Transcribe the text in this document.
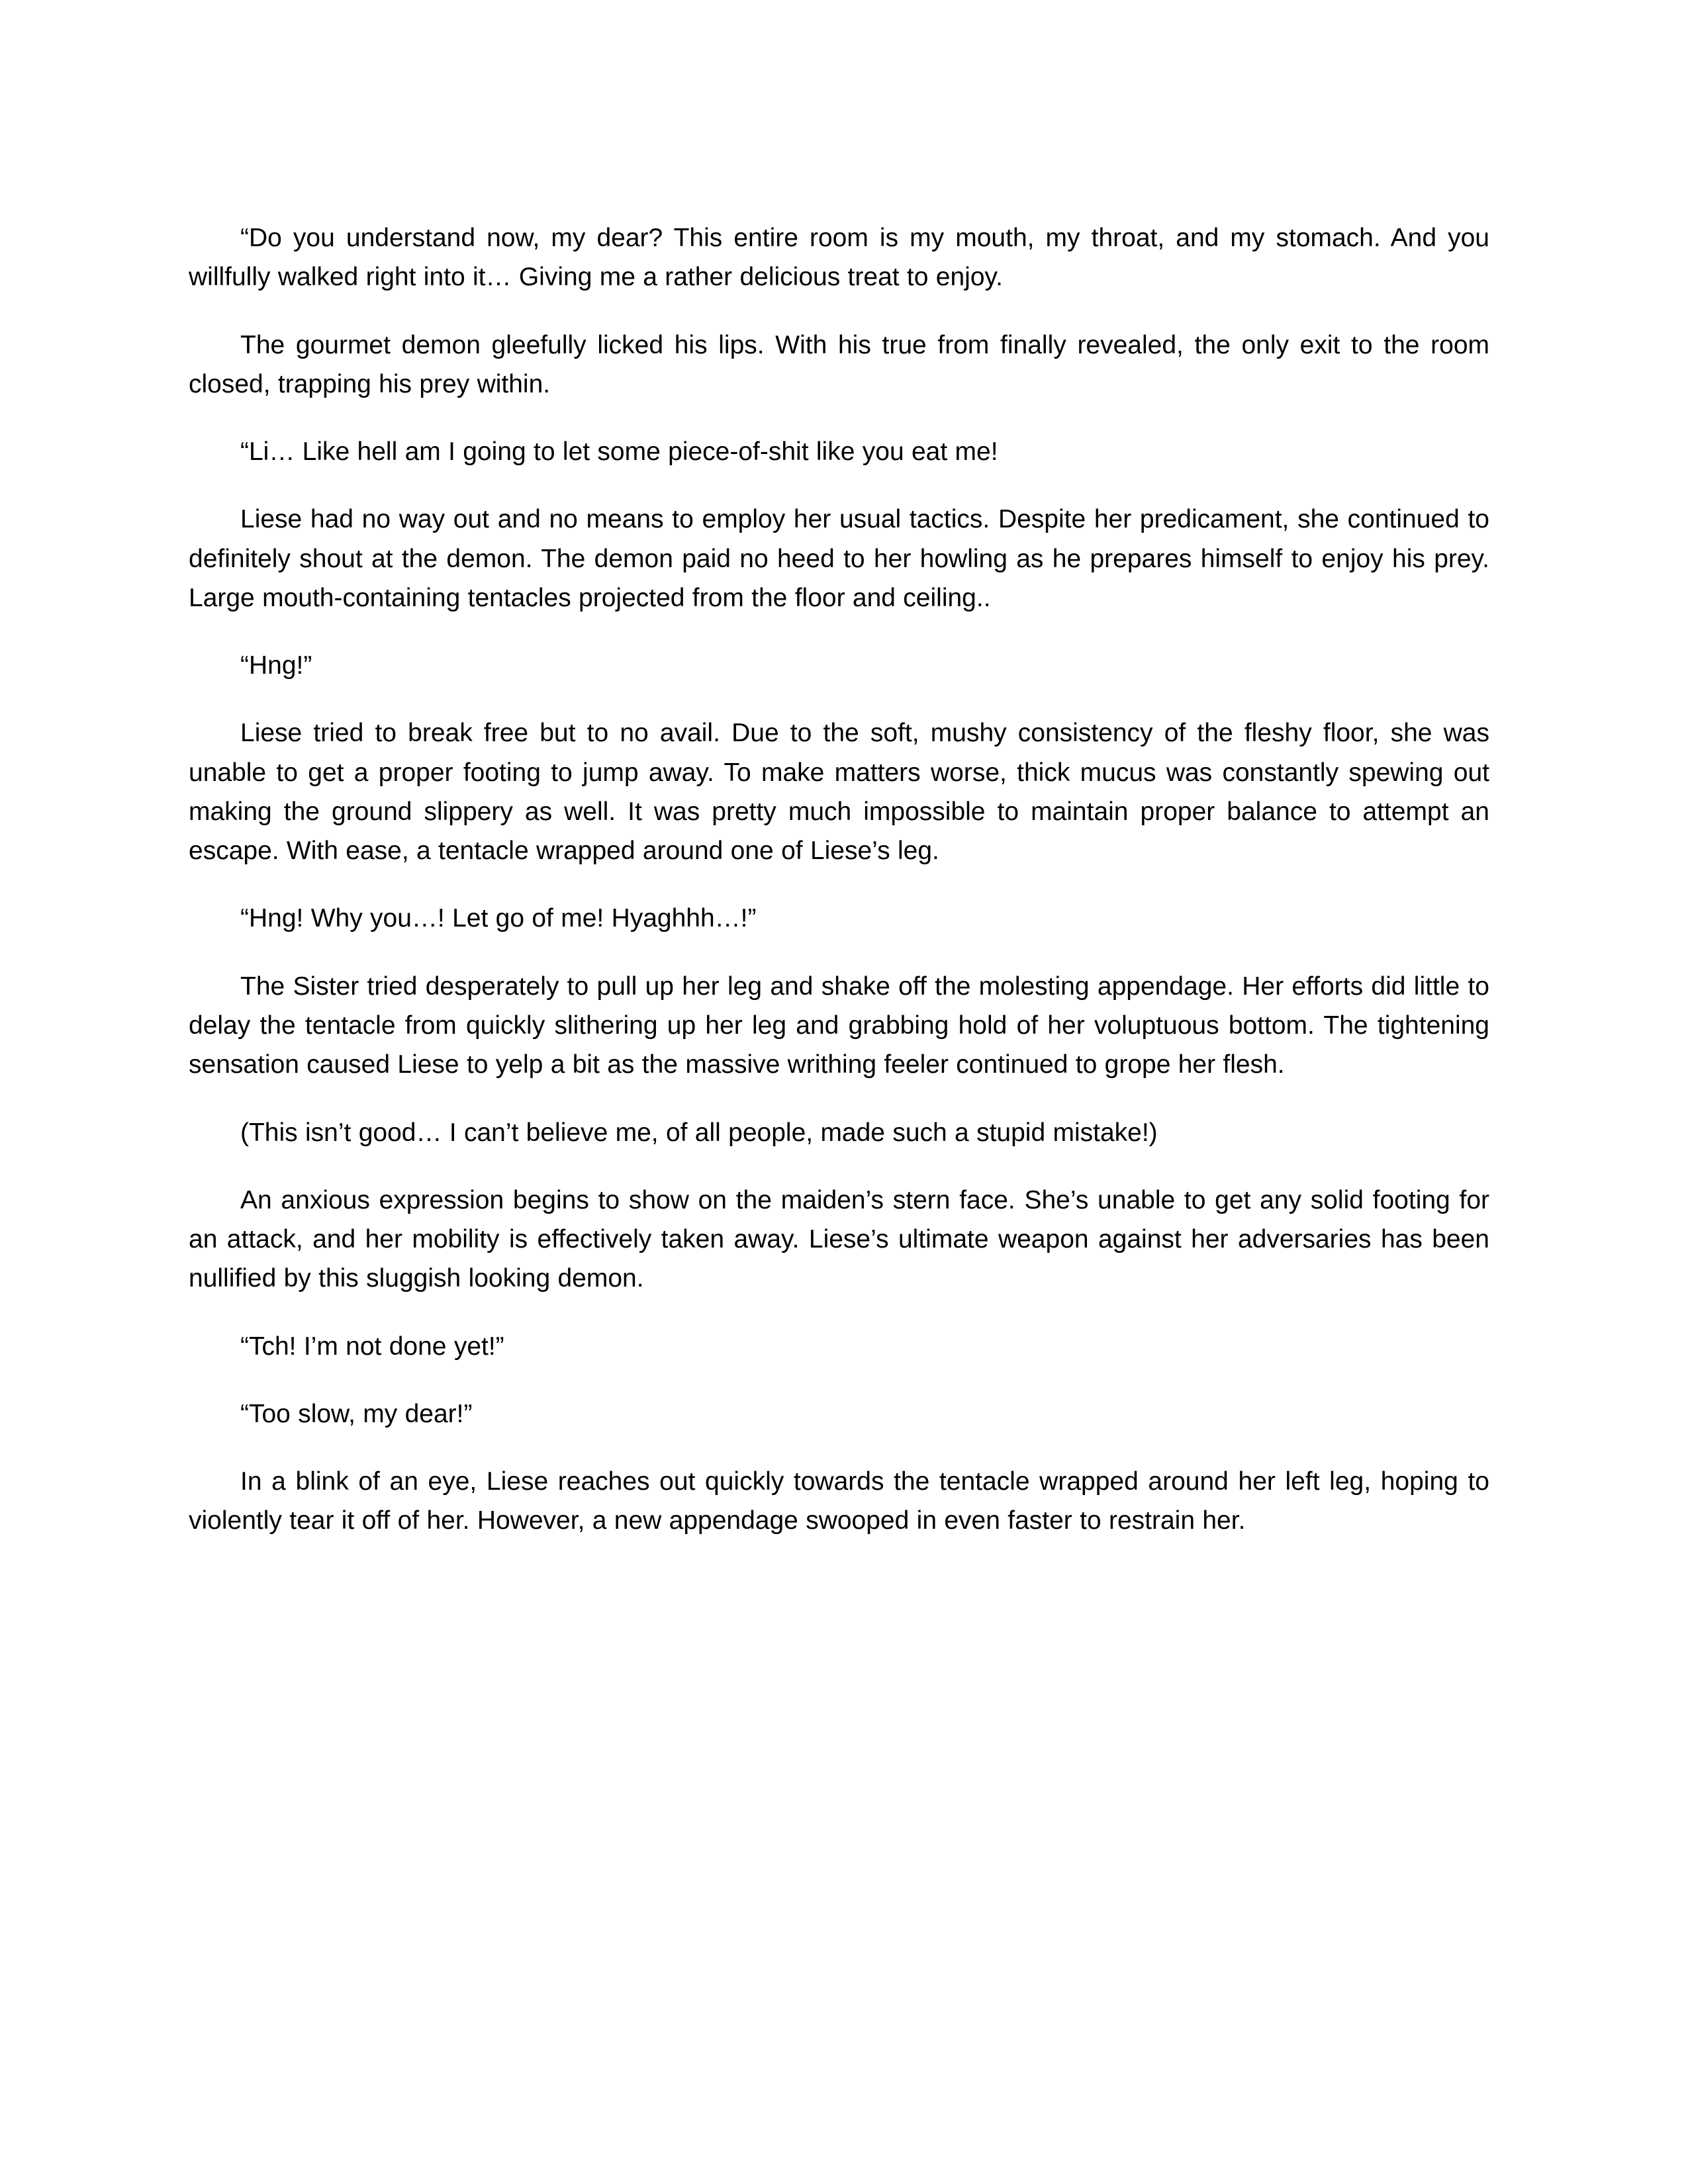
“Do you understand now, my dear? This entire room is my mouth, my throat, and my stomach. And you willfully walked right into it… Giving me a rather delicious treat to enjoy.

The gourmet demon gleefully licked his lips. With his true from finally revealed, the only exit to the room closed, trapping his prey within.

“Li… Like hell am I going to let some piece-of-shit like you eat me!

Liese had no way out and no means to employ her usual tactics. Despite her predicament, she continued to definitely shout at the demon. The demon paid no heed to her howling as he prepares himself to enjoy his prey. Large mouth-containing tentacles projected from the floor and ceiling..

“Hng!”

Liese tried to break free but to no avail. Due to the soft, mushy consistency of the fleshy floor, she was unable to get a proper footing to jump away. To make matters worse, thick mucus was constantly spewing out making the ground slippery as well. It was pretty much impossible to maintain proper balance to attempt an escape. With ease, a tentacle wrapped around one of Liese’s leg.

“Hng! Why you…! Let go of me! Hyaghhh…!”

The Sister tried desperately to pull up her leg and shake off the molesting appendage. Her efforts did little to delay the tentacle from quickly slithering up her leg and grabbing hold of her voluptuous bottom. The tightening sensation caused Liese to yelp a bit as the massive writhing feeler continued to grope her flesh.

(This isn’t good… I can’t believe me, of all people, made such a stupid mistake!)

An anxious expression begins to show on the maiden’s stern face. She’s unable to get any solid footing for an attack, and her mobility is effectively taken away. Liese’s ultimate weapon against her adversaries has been nullified by this sluggish looking demon.

“Tch! I’m not done yet!”

“Too slow, my dear!”

In a blink of an eye, Liese reaches out quickly towards the tentacle wrapped around her left leg, hoping to violently tear it off of her. However, a new appendage swooped in even faster to restrain her.
